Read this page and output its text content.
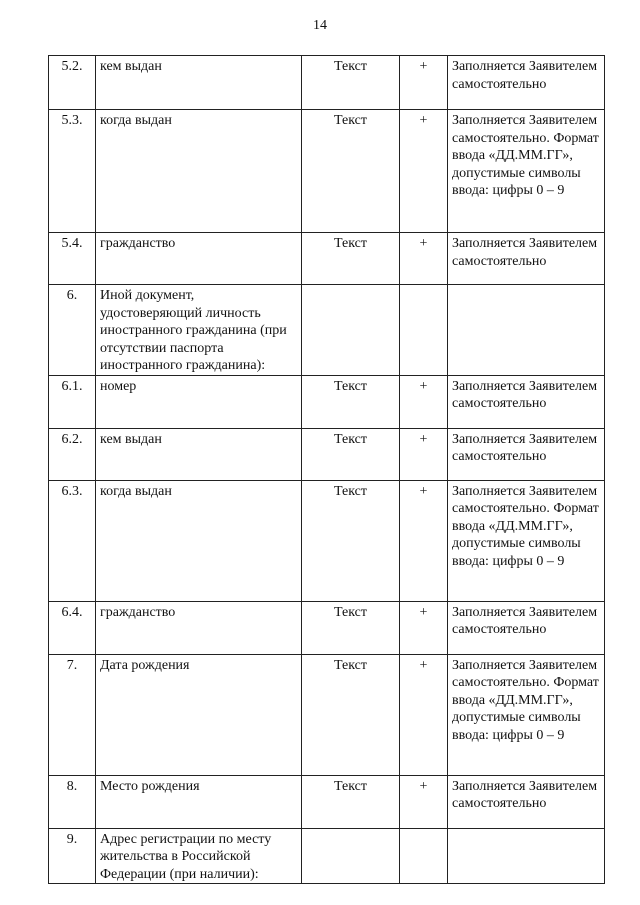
14
5.2.	кем выдан	Текст	+	Заполняется Заявителем самостоятельно
5.3.	когда выдан	Текст	+	Заполняется Заявителем самостоятельно. Формат ввода «ДД.ММ.ГГ», допустимые символы ввода: цифры 0 – 9
5.4.	гражданство	Текст	+	Заполняется Заявителем самостоятельно
6.	Иной документ, удостоверяющий личность иностранного гражданина (при отсутствии паспорта иностранного гражданина):			
6.1.	номер	Текст	+	Заполняется Заявителем самостоятельно
6.2.	кем выдан	Текст	+	Заполняется Заявителем самостоятельно
6.3.	когда выдан	Текст	+	Заполняется Заявителем самостоятельно. Формат ввода «ДД.ММ.ГГ», допустимые символы ввода: цифры 0 – 9
6.4.	гражданство	Текст	+	Заполняется Заявителем самостоятельно
7.	Дата рождения	Текст	+	Заполняется Заявителем самостоятельно. Формат ввода «ДД.ММ.ГГ», допустимые символы ввода: цифры 0 – 9
8.	Место рождения	Текст	+	Заполняется Заявителем самостоятельно
9.	Адрес регистрации по месту жительства в Российской Федерации (при наличии):			
